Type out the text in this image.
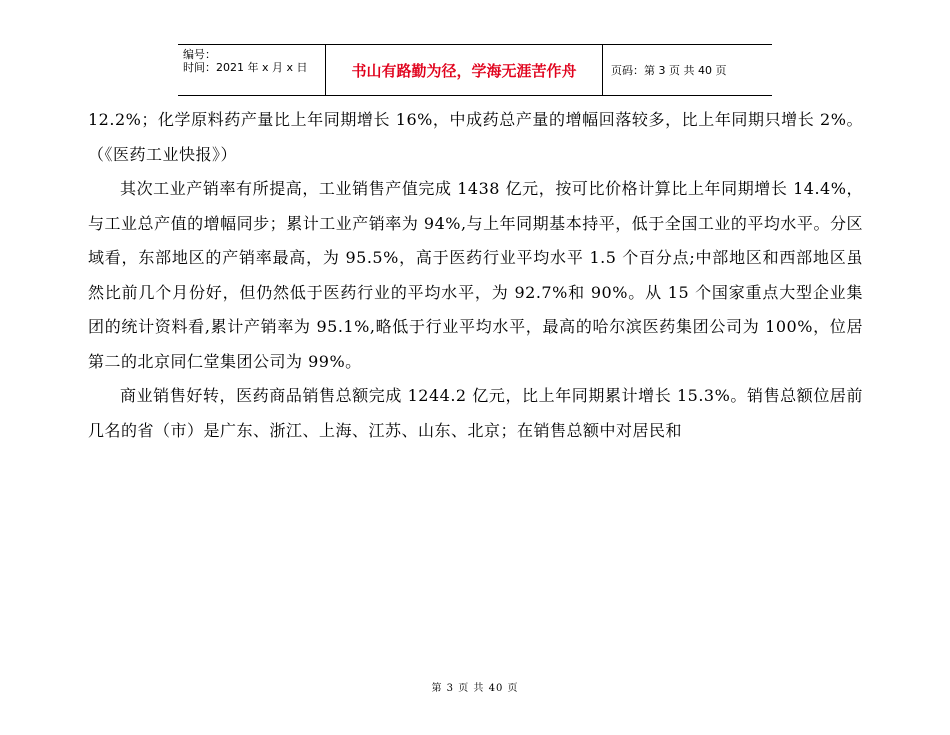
编号：
时间：2021 年 x 月 x 日	书山有路勤为径，学海无涯苦作舟	页码：第 3 页 共 40 页

12.2%；化学原料药产量比上年同期增长 16%，中成药总产量的增幅回落较多，比上年同期只增长 2%。（《医药工业快报》）

其次工业产销率有所提高，工业销售产值完成 1438 亿元，按可比价格计算比上年同期增长 14.4%，与工业总产值的增幅同步；累计工业产销率为 94%,与上年同期基本持平，低于全国工业的平均水平。分区域看，东部地区的产销率最高，为 95.5%，高于医药行业平均水平 1.5 个百分点;中部地区和西部地区虽然比前几个月份好，但仍然低于医药行业的平均水平，为 92.7%和 90%。从 15 个国家重点大型企业集团的统计资料看,累计产销率为 95.1%,略低于行业平均水平，最高的哈尔滨医药集团公司为 100%，位居第二的北京同仁堂集团公司为 99%。

商业销售好转，医药商品销售总额完成 1244.2 亿元，比上年同期累计增长 15.3%。销售总额位居前几名的省（市）是广东、浙江、上海、江苏、山东、北京；在销售总额中对居民和

第 3 页 共 40 页
